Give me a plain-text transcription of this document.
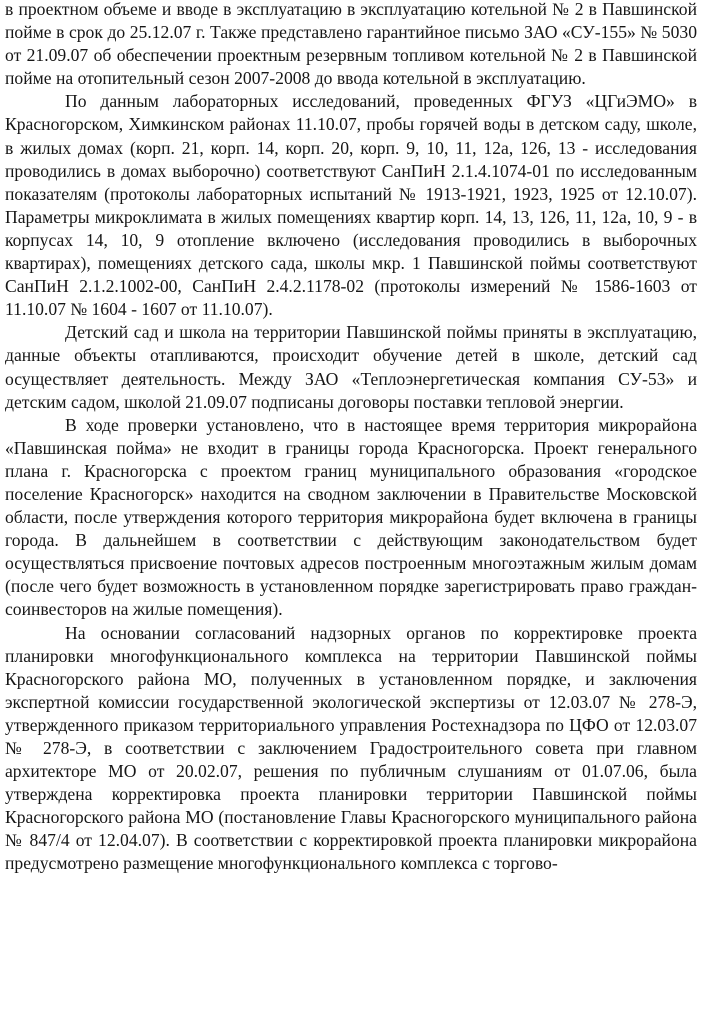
в проектном объеме и вводе в эксплуатацию в эксплуатацию котельной № 2 в Павшинской пойме в срок до 25.12.07 г. Также представлено гарантийное письмо ЗАО «СУ-155» № 5030 от 21.09.07 об обеспечении проектным резервным топливом котельной № 2 в Павшинской пойме на отопительный сезон 2007-2008 до ввода котельной в эксплуатацию.

По данным лабораторных исследований, проведенных ФГУЗ «ЦГиЭМО» в Красногорском, Химкинском районах 11.10.07, пробы горячей воды в детском саду, школе, в жилых домах (корп. 21, корп. 14, корп. 20, корп. 9, 10, 11, 12а, 126, 13 - исследования проводились в домах выборочно) соответствуют СанПиН 2.1.4.1074-01 по исследованным показателям (протоколы лабораторных испытаний № 1913-1921, 1923, 1925 от 12.10.07). Параметры микроклимата в жилых помещениях квартир корп. 14, 13, 126, 11, 12а, 10, 9 - в корпусах 14, 10, 9 отопление включено (исследования проводились в выборочных квартирах), помещениях детского сада, школы мкр. 1 Павшинской поймы соответствуют СанПиН 2.1.2.1002-00, СанПиН 2.4.2.1178-02 (протоколы измерений № 1586-1603 от 11.10.07 № 1604 - 1607 от 11.10.07).

Детский сад и школа на территории Павшинской поймы приняты в эксплуатацию, данные объекты отапливаются, происходит обучение детей в школе, детский сад осуществляет деятельность. Между ЗАО «Теплоэнергетическая компания СУ-53» и детским садом, школой 21.09.07 подписаны договоры поставки тепловой энергии.

В ходе проверки установлено, что в настоящее время территория микрорайона «Павшинская пойма» не входит в границы города Красногорска. Проект генерального плана г. Красногорска с проектом границ муниципального образования «городское поселение Красногорск» находится на сводном заключении в Правительстве Московской области, после утверждения которого территория микрорайона будет включена в границы города. В дальнейшем в соответствии с действующим законодательством будет осуществляться присвоение почтовых адресов построенным многоэтажным жилым домам (после чего будет возможность в установленном порядке зарегистрировать право граждан-соинвесторов на жилые помещения).

На основании согласований надзорных органов по корректировке проекта планировки многофункционального комплекса на территории Павшинской поймы Красногорского района МО, полученных в установленном порядке, и заключения экспертной комиссии государственной экологической экспертизы от 12.03.07 № 278-Э, утвержденного приказом территориального управления Ростехнадзора по ЦФО от 12.03.07 № 278-Э, в соответствии с заключением Градостроительного совета при главном архитекторе МО от 20.02.07, решения по публичным слушаниям от 01.07.06, была утверждена корректировка проекта планировки территории Павшинской поймы Красногорского района МО (постановление Главы Красногорского муниципального района № 847/4 от 12.04.07). В соответствии с корректировкой проекта планировки микрорайона предусмотрено размещение многофункционального комплекса с торгово-
